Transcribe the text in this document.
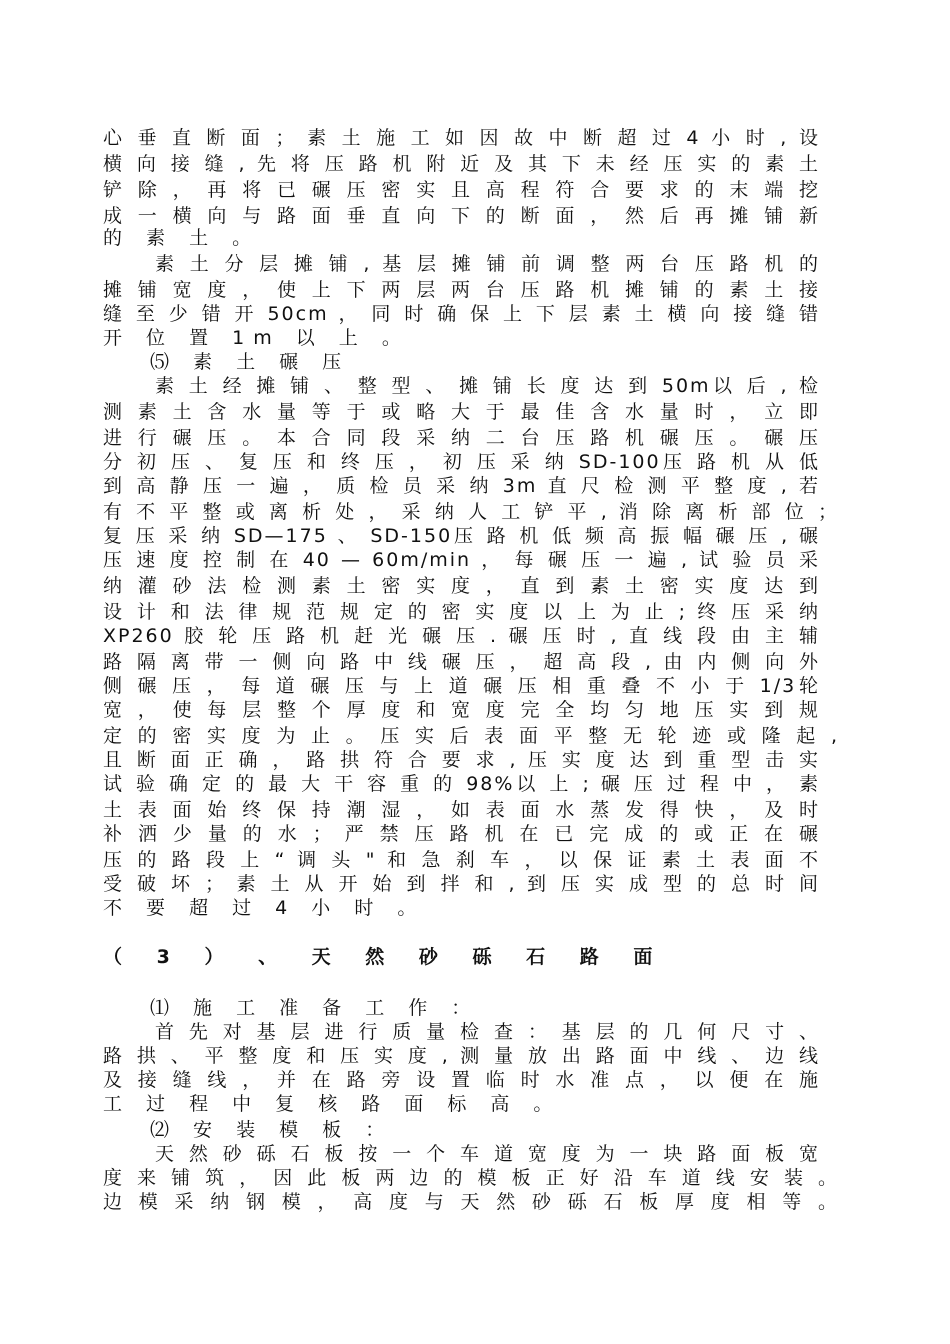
心 垂 直 断 面 ； 素 土 施 工 如 因 故 中 断 超 过 4 小 时 , 设
横 向 接 缝 , 先 将 压 路 机 附 近 及 其 下 未 经 压 实 的 素 土
铲 除 ， 再 将 已 碾 压 密 实 且 高 程 符 合 要 求 的 末 端 挖
成 一 横 向 与 路 面 垂 直 向 下 的 断 面 ， 然 后 再 摊 铺 新
的 素 土 。
素 土 分 层 摊 铺 , 基 层 摊 铺 前 调 整 两 台 压 路 机 的
摊 铺 宽 度 ， 使 上 下 两 层 两 台 压 路 机 摊 铺 的 素 土 接
缝 至 少 错 开 50cm ， 同 时 确 保 上 下 层 素 土 横 向 接 缝 错
开 位 置 1m 以 上 。
⑸ 素 土 碾 压
素 土 经 摊 铺 、 整 型 、 摊 铺 长 度 达 到 50m以 后 , 检
测 素 土 含 水 量 等 于 或 略 大 于 最 佳 含 水 量 时 ， 立 即
进 行 碾 压 。 本 合 同 段 采 纳 二 台 压 路 机 碾 压 。 碾 压
分 初 压 、 复 压 和 终 压 ， 初 压 采 纳 SD-100压 路 机 从 低
到 高 静 压 一 遍 ， 质 检 员 采 纳 3m 直 尺 检 测 平 整 度 , 若
有 不 平 整 或 离 析 处 ， 采 纳 人 工 铲 平 , 消 除 离 析 部 位 ；
复 压 采 纳 SD—175 、 SD-150压 路 机 低 频 高 振 幅 碾 压 , 碾
压 速 度 控 制 在 40 — 60m/min ， 每 碾 压 一 遍 , 试 验 员 采
纳 灌 砂 法 检 测 素 土 密 实 度 ， 直 到 素 土 密 实 度 达 到
设 计 和 法 律 规 范 规 定 的 密 实 度 以 上 为 止 ; 终 压 采 纳
XP260 胶 轮 压 路 机 赶 光 碾 压 . 碾 压 时 , 直 线 段 由 主 辅
路 隔 离 带 一 侧 向 路 中 线 碾 压 ， 超 高 段 , 由 内 侧 向 外
侧 碾 压 ， 每 道 碾 压 与 上 道 碾 压 相 重 叠 不 小 于 1/3轮
宽 ， 使 每 层 整 个 厚 度 和 宽 度 完 全 均 匀 地 压 实 到 规
定 的 密 实 度 为 止 。 压 实 后 表 面 平 整 无 轮 迹 或 隆 起 ,
且 断 面 正 确 ， 路 拱 符 合 要 求 , 压 实 度 达 到 重 型 击 实
试 验 确 定 的 最 大 干 容 重 的 98%以 上 ; 碾 压 过 程 中 ， 素
土 表 面 始 终 保 持 潮 湿 ， 如 表 面 水 蒸 发 得 快 ， 及 时
补 洒 少 量 的 水 ； 严 禁 压 路 机 在 已 完 成 的 或 正 在 碾
压 的 路 段 上 “ 调 头 " 和 急 刹 车 ， 以 保 证 素 土 表 面 不
受 破 坏 ； 素 土 从 开 始 到 拌 和 , 到 压 实 成 型 的 总 时 间
不 要 超 过 4 小 时 。
（ 3 ） 、 天 然 砂 砾 石 路 面
⑴ 施 工 准 备 工 作 ：
首 先 对 基 层 进 行 质 量 检 查 ： 基 层 的 几 何 尺 寸 、
路 拱 、 平 整 度 和 压 实 度 , 测 量 放 出 路 面 中 线 、 边 线
及 接 缝 线 ， 并 在 路 旁 设 置 临 时 水 准 点 ， 以 便 在 施
工 过 程 中 复 核 路 面 标 高 。
⑵ 安 装 模 板 ：
天 然 砂 砾 石 板 按 一 个 车 道 宽 度 为 一 块 路 面 板 宽
度 来 铺 筑 ， 因 此 板 两 边 的 模 板 正 好 沿 车 道 线 安 装 。
边 模 采 纳 钢 模 ， 高 度 与 天 然 砂 砾 石 板 厚 度 相 等 。
